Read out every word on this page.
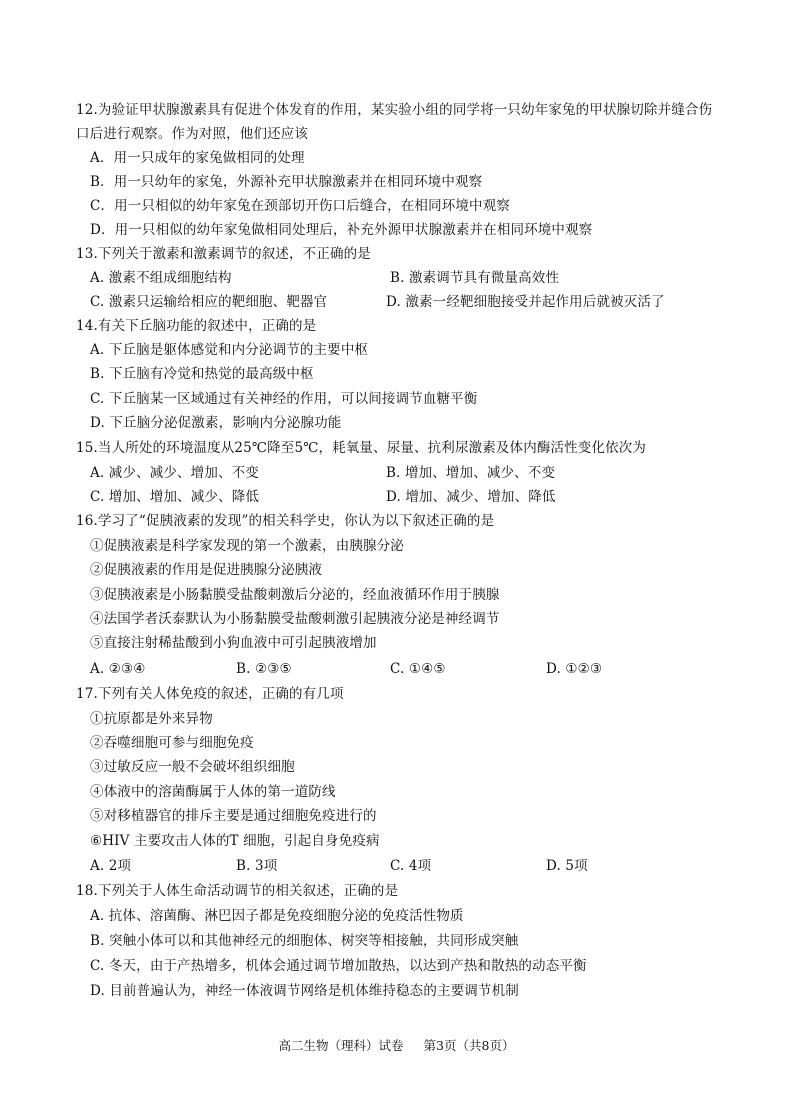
12.为验证甲状腺激素具有促进个体发育的作用，某实验小组的同学将一只幼年家兔的甲状腺切除并缝合伤
口后进行观察。作为对照，他们还应该
A．用一只成年的家兔做相同的处理
B．用一只幼年的家兔，外源补充甲状腺激素并在相同环境中观察
C．用一只相似的幼年家兔在颈部切开伤口后缝合，在相同环境中观察
D．用一只相似的幼年家兔做相同处理后，补充外源甲状腺激素并在相同环境中观察
13.下列关于激素和激素调节的叙述，不正确的是
A. 激素不组成细胞结构	B. 激素调节具有微量高效性
C. 激素只运输给相应的靶细胞、靶器官	D. 激素一经靶细胞接受并起作用后就被灭活了
14.有关下丘脑功能的叙述中，正确的是
A. 下丘脑是躯体感觉和内分泌调节的主要中枢
B. 下丘脑有冷觉和热觉的最高级中枢
C. 下丘脑某一区域通过有关神经的作用，可以间接调节血糖平衡
D. 下丘脑分泌促激素，影响内分泌腺功能
15.当人所处的环境温度从25℃降至5℃，耗氧量、尿量、抗利尿激素及体内酶活性变化依次为
A. 减少、减少、增加、不变	B. 增加、增加、减少、不变
C. 增加、增加、减少、降低	D. 增加、减少、增加、降低
16.学习了“促胰液素的发现”的相关科学史，你认为以下叙述正确的是
①促胰液素是科学家发现的第一个激素，由胰腺分泌
②促胰液素的作用是促进胰腺分泌胰液
③促胰液素是小肠黏膜受盐酸刺激后分泌的，经血液循环作用于胰腺
④法国学者沃泰默认为小肠黏膜受盐酸刺激引起胰液分泌是神经调节
⑤直接注射稀盐酸到小狗血液中可引起胰液增加
A. ②③④	B. ②③⑤	C. ①④⑤	D. ①②③
17.下列有关人体免疫的叙述，正确的有几项
①抗原都是外来异物
②吞噬细胞可参与细胞免疫
③过敏反应一般不会破坏组织细胞
④体液中的溶菌酶属于人体的第一道防线
⑤对移植器官的排斥主要是通过细胞免疫进行的
⑥HIV 主要攻击人体的T 细胞，引起自身免疫病
A. 2项	B. 3项	C. 4项	D. 5项
18.下列关于人体生命活动调节的相关叙述，正确的是
A. 抗体、溶菌酶、淋巴因子都是免疫细胞分泌的免疫活性物质
B. 突触小体可以和其他神经元的细胞体、树突等相接触，共同形成突触
C. 冬天，由于产热增多，机体会通过调节增加散热，以达到产热和散热的动态平衡
D. 目前普遍认为，神经一体液调节网络是机体维持稳态的主要调节机制
高二生物（理科）试卷 第3页（共8页）
